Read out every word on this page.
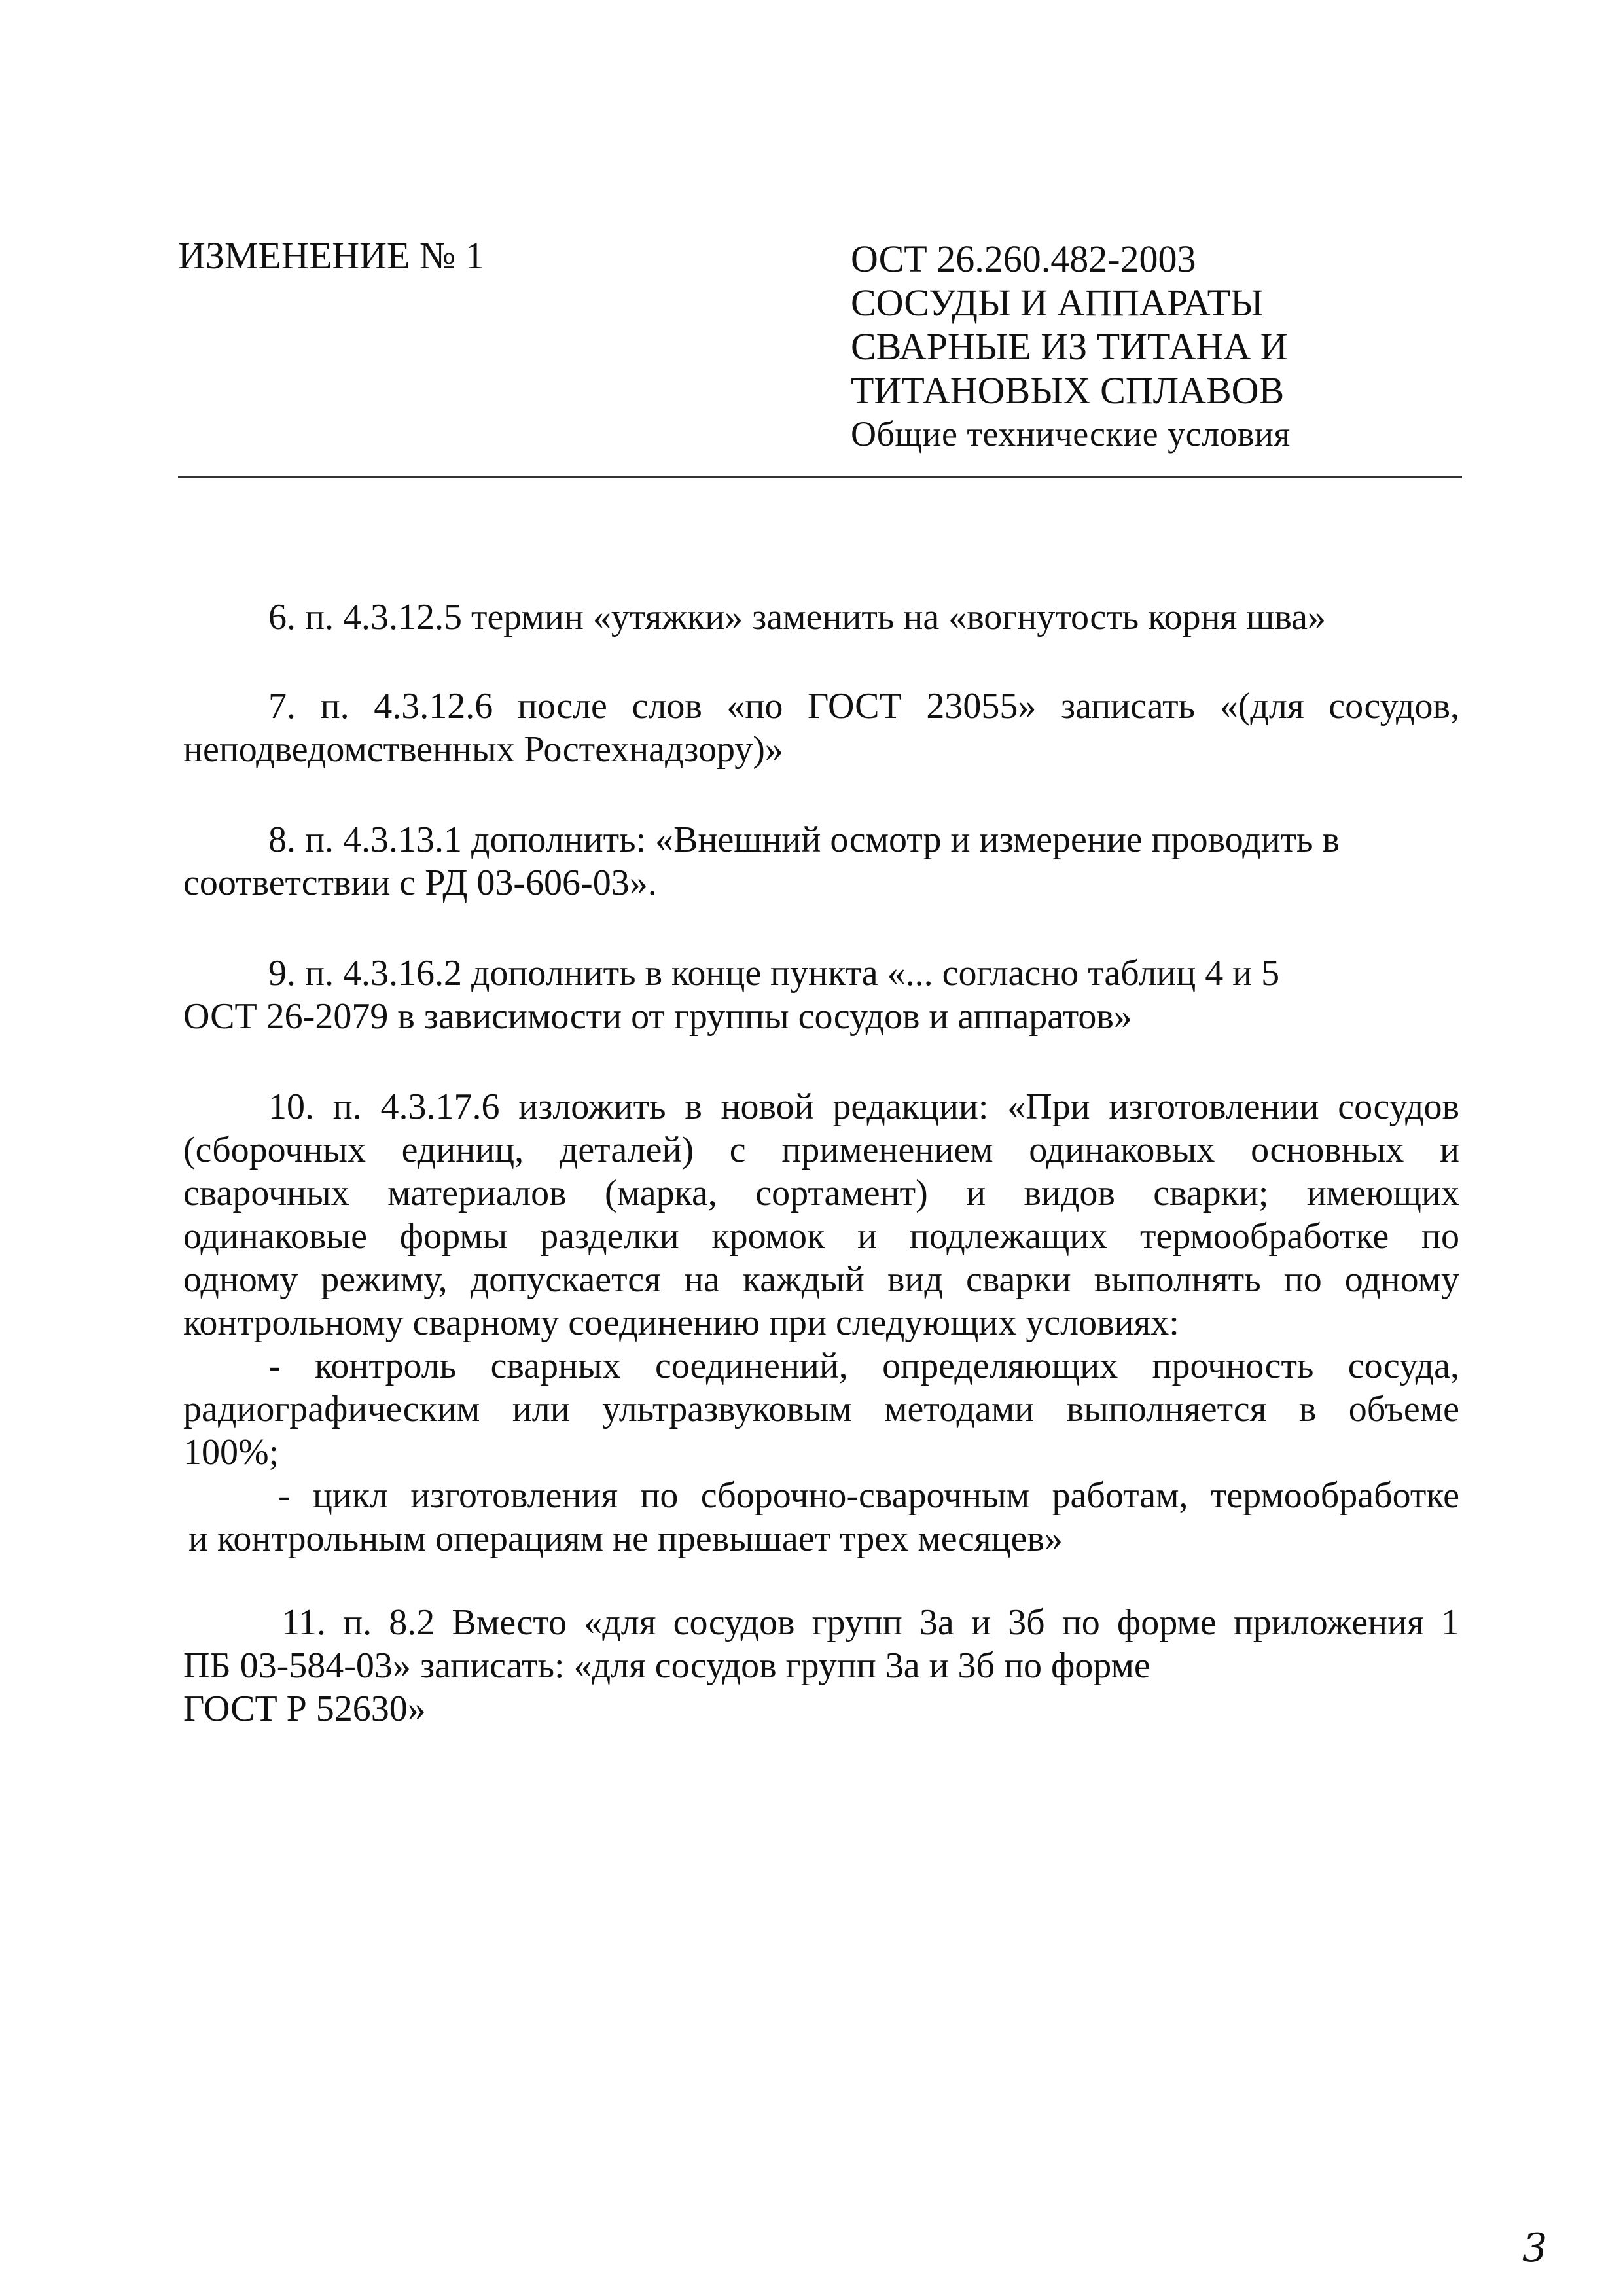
ИЗМЕНЕНИЕ № 1	ОСТ 26.260.482-2003
СОСУДЫ И АППАРАТЫ
СВАРНЫЕ ИЗ ТИТАНА И
ТИТАНОВЫХ СПЛАВОВ
Общие технические условия
6. п. 4.3.12.5 термин «утяжки» заменить на «вогнутость корня шва»
7. п. 4.3.12.6 после слов «по ГОСТ 23055» записать «(для сосудов,
неподведомственных Ростехнадзору)»
8. п. 4.3.13.1 дополнить: «Внешний осмотр и измерение проводить в
соответствии с РД 03-606-03».
9. п. 4.3.16.2 дополнить в конце пункта «... согласно таблиц 4 и 5
ОСТ 26-2079 в зависимости от группы сосудов и аппаратов»
10. п. 4.3.17.6 изложить в новой редакции: «При изготовлении сосудов
(сборочных единиц, деталей) с применением одинаковых основных и
сварочных материалов (марка, сортамент) и видов сварки; имеющих
одинаковые формы разделки кромок и подлежащих термообработке по
одному режиму, допускается на каждый вид сварки выполнять по одному
контрольному сварному соединению при следующих условиях:
- контроль сварных соединений, определяющих прочность сосуда,
радиографическим или ультразвуковым методами выполняется в объеме
100%;
- цикл изготовления по сборочно-сварочным работам, термообработке
и контрольным операциям не превышает трех месяцев»
11. п. 8.2 Вместо «для сосудов групп 3а и 3б по форме приложения 1
ПБ 03-584-03» записать: «для сосудов групп 3а и 3б по форме
ГОСТ Р 52630»
3
